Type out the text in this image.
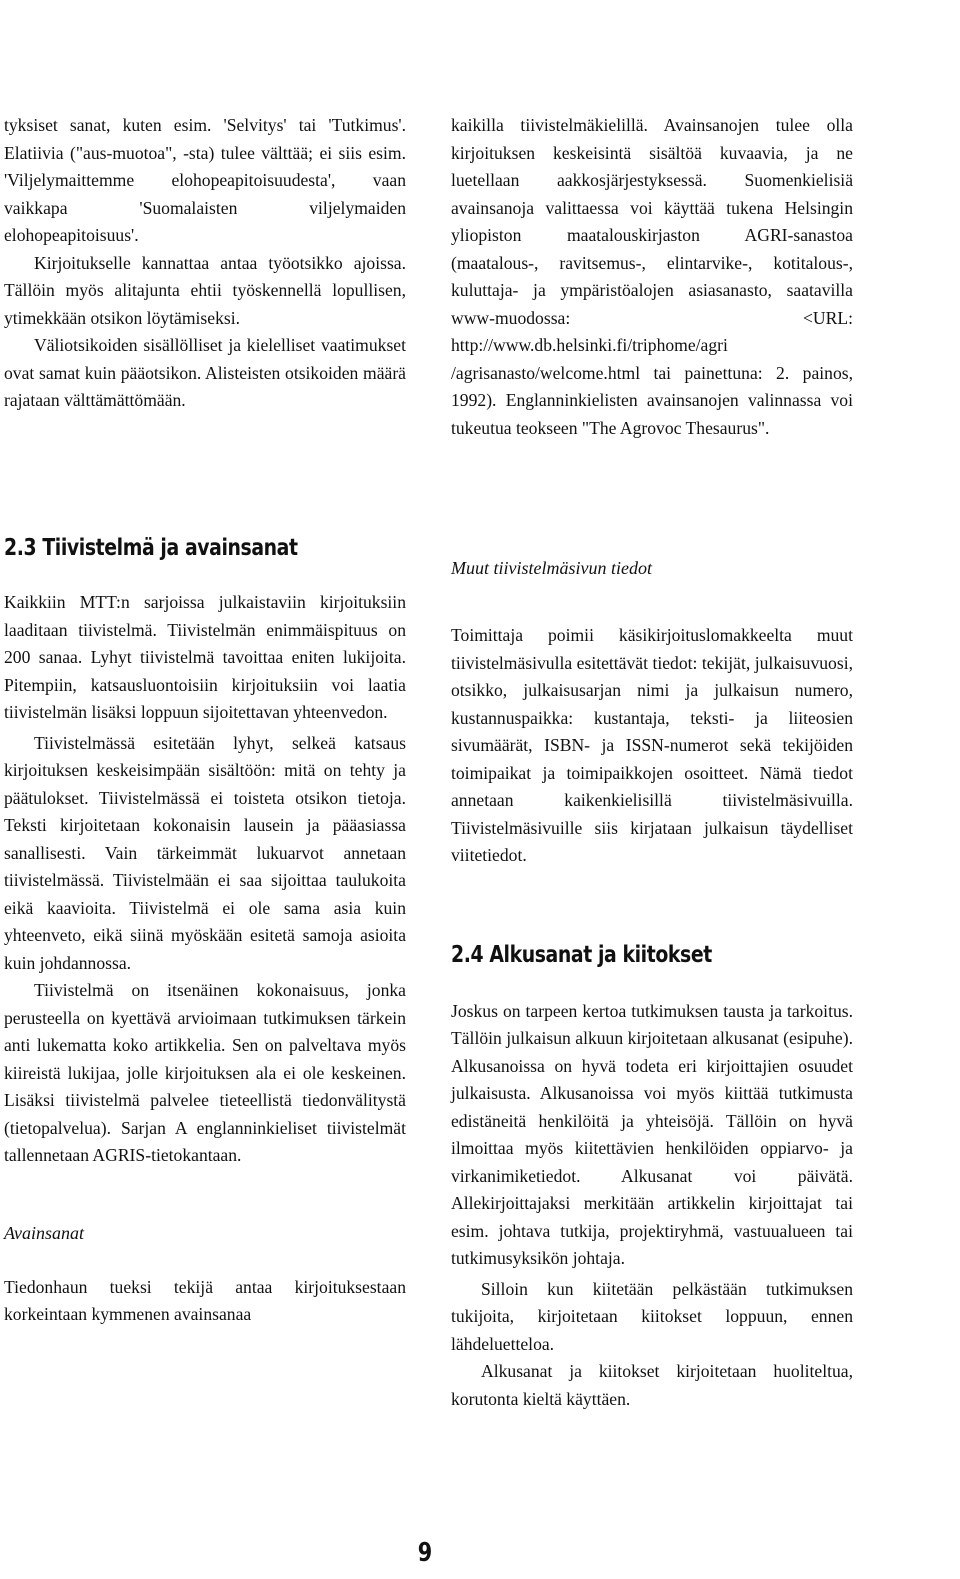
tyksiset sanat, kuten esim. 'Selvitys' tai 'Tutkimus'. Elatiivia ("aus-muotoa", -sta) tulee välttää; ei siis esim. 'Viljelymaittemme elohopeapitoisuudesta', vaan vaikkapa 'Suomalaisten viljelymaiden elohopeapitoisuus'.

Kirjoitukselle kannattaa antaa työotsikko ajoissa. Tällöin myös alitajunta ehtii työskennellä lopullisen, ytimekkään otsikon löytämiseksi.

Väliotsikoiden sisällölliset ja kielelliset vaatimukset ovat samat kuin pääotsikon. Alisteisten otsikoiden määrä rajataan välttämättömään.

kaikilla tiivistelmäkielillä. Avainsanojen tulee olla kirjoituksen keskeisintä sisältöä kuvaavia, ja ne luetellaan aakkosjärjestyksessä. Suomenkielisiä avainsanoja valittaessa voi käyttää tukena Helsingin yliopiston maatalouskirjaston AGRI-sanastoa (maatalous-, ravitsemus-, elintarvike-, kotitalous-, kuluttaja- ja ympäristöalojen asiasanasto, saatavilla www-muodossa: <URL: http://www.db.helsinki.fi/triphome/agri /agrisanasto/welcome.html tai painettuna: 2. painos, 1992). Englanninkielisten avainsanojen valinnassa voi tukeutua teokseen "The Agrovoc Thesaurus".

2.3 Tiivistelmä ja avainsanat

Kaikkiin MTT:n sarjoissa julkaistaviin kirjoituksiin laaditaan tiivistelmä. Tiivistelmän enimmäispituus on 200 sanaa. Lyhyt tiivistelmä tavoittaa eniten lukijoita. Pitempiin, katsausluontoisiin kirjoituksiin voi laatia tiivistelmän lisäksi loppuun sijoitettavan yhteenvedon.

Tiivistelmässä esitetään lyhyt, selkeä katsaus kirjoituksen keskeisimpään sisältöön: mitä on tehty ja päätulokset. Tiivistelmässä ei toisteta otsikon tietoja. Teksti kirjoitetaan kokonaisin lausein ja pääasiassa sanallisesti. Vain tärkeimmät lukuarvot annetaan tiivistelmässä. Tiivistelmään ei saa sijoittaa taulukoita eikä kaavioita. Tiivistelmä ei ole sama asia kuin yhteenveto, eikä siinä myöskään esitetä samoja asioita kuin johdannossa.

Tiivistelmä on itsenäinen kokonaisuus, jonka perusteella on kyettävä arvioimaan tutkimuksen tärkein anti lukematta koko artikkelia. Sen on palveltava myös kiireistä lukijaa, jolle kirjoituksen ala ei ole keskeinen. Lisäksi tiivistelmä palvelee tieteellistä tiedonvälitystä (tietopalvelua). Sarjan A englanninkieliset tiivistelmät tallennetaan AGRIS-tietokantaan.

Avainsanat

Tiedonhaun tueksi tekijä antaa kirjoituksestaan korkeintaan kymmenen avainsanaa

Muut tiivistelmäsivun tiedot

Toimittaja poimii käsikirjoituslomakkeelta muut tiivistelmäsivulla esitettävät tiedot: tekijät, julkaisuvuosi, otsikko, julkaisusarjan nimi ja julkaisun numero, kustannuspaikka: kustantaja, teksti- ja liiteosien sivumäärät, ISBN- ja ISSN-numerot sekä tekijöiden toimipaikat ja toimipaikkojen osoitteet. Nämä tiedot annetaan kaikenkielisillä tiivistelmäsivuilla. Tiivistelmäsivuille siis kirjataan julkaisun täydelliset viitetiedot.

2.4 Alkusanat ja kiitokset

Joskus on tarpeen kertoa tutkimuksen tausta ja tarkoitus. Tällöin julkaisun alkuun kirjoitetaan alkusanat (esipuhe). Alkusanoissa on hyvä todeta eri kirjoittajien osuudet julkaisusta. Alkusanoissa voi myös kiittää tutkimusta edistäneitä henkilöitä ja yhteisöjä. Tällöin on hyvä ilmoittaa myös kiitettävien henkilöiden oppiarvo- ja virkanimiketiedot. Alkusanat voi päivätä. Allekirjoittajaksi merkitään artikkelin kirjoittajat tai esim. johtava tutkija, projektiryhmä, vastuualueen tai tutkimusyksikön johtaja.

Silloin kun kiitetään pelkästään tutkimuksen tukijoita, kirjoitetaan kiitokset loppuun, ennen lähdeluetteloa.

Alkusanat ja kiitokset kirjoitetaan huoliteltua, korutonta kieltä käyttäen.

9
